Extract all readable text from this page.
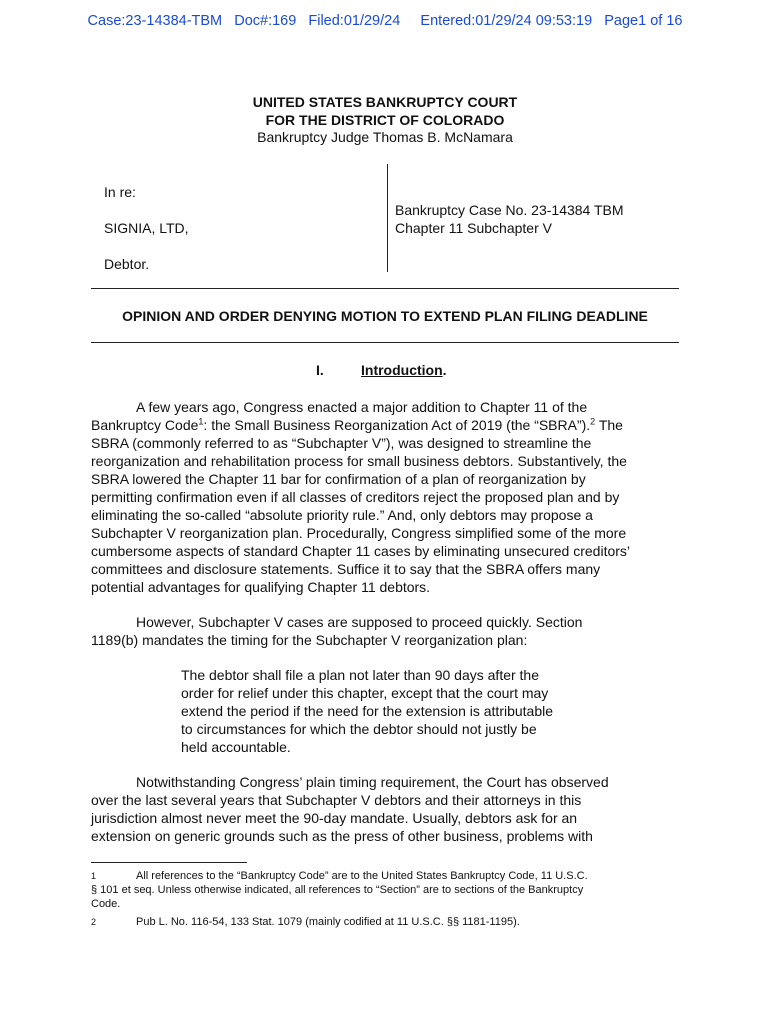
Case:23-14384-TBM   Doc#:169   Filed:01/29/24     Entered:01/29/24 09:53:19   Page1 of 16
UNITED STATES BANKRUPTCY COURT
FOR THE DISTRICT OF COLORADO
Bankruptcy Judge Thomas B. McNamara
In re:
SIGNIA, LTD,
Debtor.
Bankruptcy Case No. 23-14384 TBM
Chapter 11 Subchapter V
OPINION AND ORDER DENYING MOTION TO EXTEND PLAN FILING DEADLINE
I.	Introduction.
A few years ago, Congress enacted a major addition to Chapter 11 of the
Bankruptcy Code$^1$: the Small Business Reorganization Act of 2019 (the “SBRA”).$^2$ The
SBRA (commonly referred to as “Subchapter V”), was designed to streamline the
reorganization and rehabilitation process for small business debtors. Substantively, the
SBRA lowered the Chapter 11 bar for confirmation of a plan of reorganization by
permitting confirmation even if all classes of creditors reject the proposed plan and by
eliminating the so-called “absolute priority rule.” And, only debtors may propose a
Subchapter V reorganization plan. Procedurally, Congress simplified some of the more
cumbersome aspects of standard Chapter 11 cases by eliminating unsecured creditors’
committees and disclosure statements. Suffice it to say that the SBRA offers many
potential advantages for qualifying Chapter 11 debtors.
However, Subchapter V cases are supposed to proceed quickly. Section
1189(b) mandates the timing for the Subchapter V reorganization plan:
The debtor shall file a plan not later than 90 days after the
order for relief under this chapter, except that the court may
extend the period if the need for the extension is attributable
to circumstances for which the debtor should not justly be
held accountable.
Notwithstanding Congress’ plain timing requirement, the Court has observed
over the last several years that Subchapter V debtors and their attorneys in this
jurisdiction almost never meet the 90-day mandate. Usually, debtors ask for an
extension on generic grounds such as the press of other business, problems with
1	All references to the “Bankruptcy Code” are to the United States Bankruptcy Code, 11 U.S.C.
§ 101 et seq. Unless otherwise indicated, all references to “Section” are to sections of the Bankruptcy
Code.
2	Pub L. No. 116-54, 133 Stat. 1079 (mainly codified at 11 U.S.C. §§ 1181-1195).
